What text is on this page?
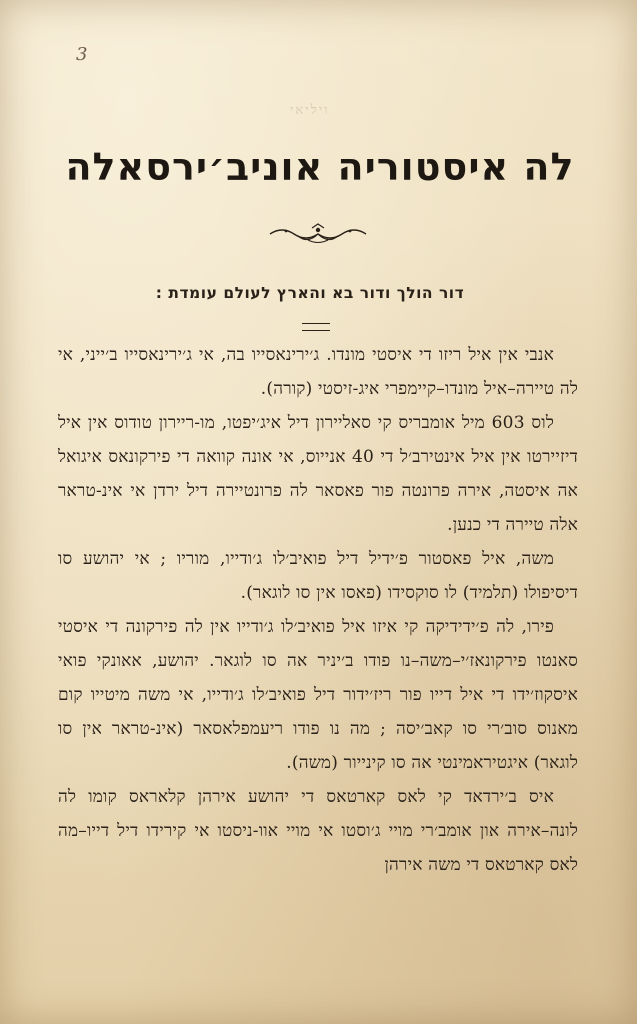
3
ויליאי
לה איסטוריה אוניב׳ירסאלה
דור הולך ודור בא והארץ לעולם עומדת :

אנבי אין איל ריזו די איסטי מונדו. ג׳ירינאסייו בה, אי ג׳ירינאסייו ב׳ייני, אי לה טיירה–איל מונדו–קיימפרי איג-זיסטי (קורה).

לוס 603 מיל אומבריס קי סאליירון דיל איג׳יפטו, מו-ריירון טודוס אין איל דיזיירטו אין איל אינטירב׳ל די 40 אנייוס, אי אונה קוואה די פירקונאס איגואל אה איסטה, אירה פרונטה פור פאסאר לה פרונטיירה דיל ירדן אי אינ-טראר אלה טיירה די כנען.

משה, איל פאסטור פ׳ידיל דיל פואיב׳לו ג׳ודייו, מוריו ; אי יהושע סו דיסיפולו (תלמיד) לו סוקסידו (פאסו אין סו לוגאר).

פירו, לה פ׳ידידיקה קי איזו איל פואיב׳לו ג׳ודייו אין לה פירקונה די איסטי סאנטו פירקונאז׳י–משה–נו פודו ב׳יניר אה סו לוגאר. יהושע, אאונקי פואי איסקוז׳ידו די איל דייו פור ריז׳ידור דיל פואיב׳לו ג׳ודייו, אי משה מיטייו קום מאנוס סוב׳רי סו קאב׳יסה ; מה נו פודו ריעמפלאסאר (אינ-טראר אין סו לוגאר) איגטיראמינטי אה סו קינייור (משה).

איס ב׳ירדאד קי לאס קארטאס די יהושע אירהן קלאראס קומו לה לונה–אירה און אומב׳רי מויי ג׳וסטו אי מויי אוו-ניסטו אי קירידו דיל דייו–מה לאס קארטאס די משה אירהן
